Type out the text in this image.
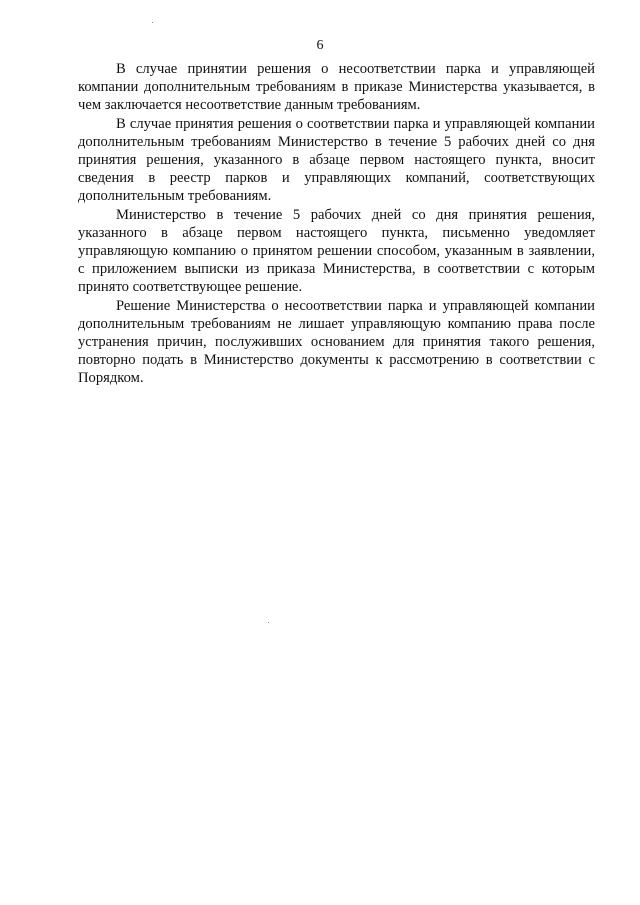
6

В случае принятии решения о несоответствии парка и управляющей компании дополнительным требованиям в приказе Министерства указывается, в чем заключается несоответствие данным требованиям.

В случае принятия решения о соответствии парка и управляющей компании дополнительным требованиям Министерство в течение 5 рабочих дней со дня принятия решения, указанного в абзаце первом настоящего пункта, вносит сведения в реестр парков и управляющих компаний, соответствующих дополнительным требованиям.

Министерство в течение 5 рабочих дней со дня принятия решения, указанного в абзаце первом настоящего пункта, письменно уведомляет управляющую компанию о принятом решении способом, указанным в заявлении, с приложением выписки из приказа Министерства, в соответствии с которым принято соответствующее решение.

Решение Министерства о несоответствии парка и управляющей компании дополнительным требованиям не лишает управляющую компанию права после устранения причин, послуживших основанием для принятия такого решения, повторно подать в Министерство документы к рассмотрению в соответствии с Порядком.
